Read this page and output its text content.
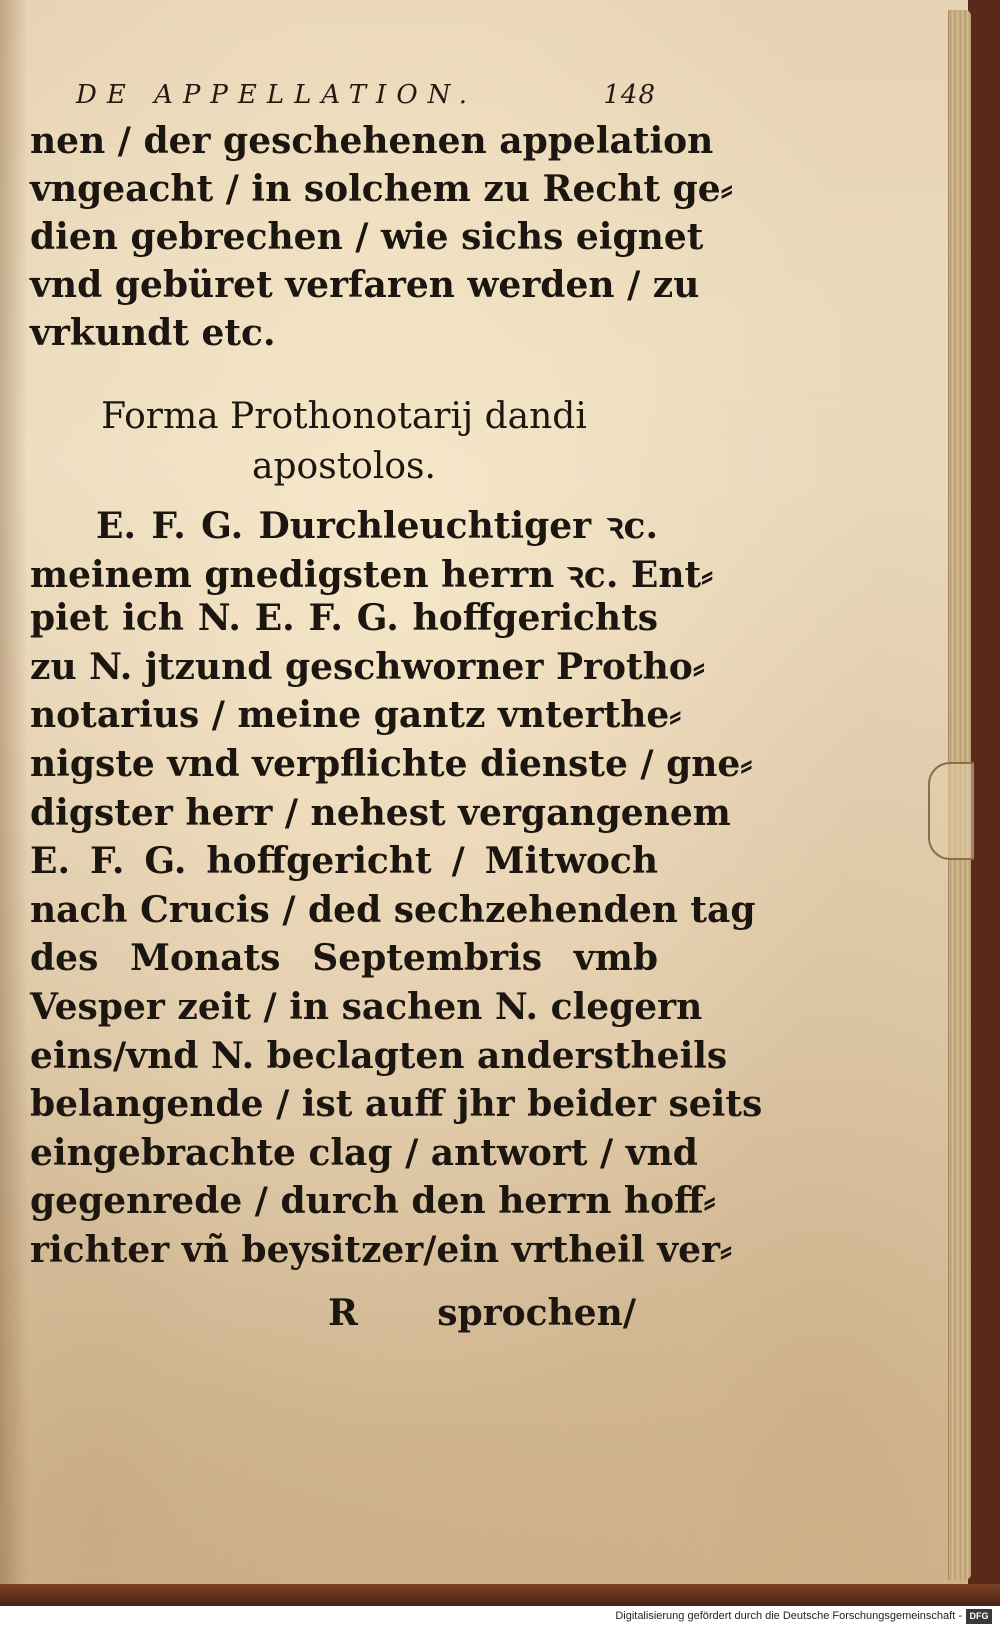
DE APPELLATION.	148
Forma Prothonotarij dandi
apostolos.
R sprochen/
nen / der geschehenen appelation
vngeacht / in solchem zu Recht ge⸗
dien gebrechen / wie sichs eignet
vnd gebüret verfaren werden / zu
vrkundt etc.
E. F. G. Durchleuchtiger ꝛc.
meinem gnedigsten herrn ꝛc. Ent⸗
piet ich N. E. F. G. hoffgerichts
zu N. jtzund geschworner Protho⸗
notarius / meine gantz vnterthe⸗
nigste vnd verpflichte dienste / gne⸗
digster herr / nehest vergangenem
E. F. G. hoffgericht / Mitwoch
nach Crucis / ded sechzehenden tag
des Monats Septembris vmb
Vesper zeit / in sachen N. clegern
eins/vnd N. beclagten anderstheils
belangende / ist auff jhr beider seits
eingebrachte clag / antwort / vnd
gegenrede / durch den herrn hoff⸗
richter vñ beysitzer/ein vrtheil ver⸗
Digitalisierung gefördert durch die Deutsche Forschungsgemeinschaft - DFG
